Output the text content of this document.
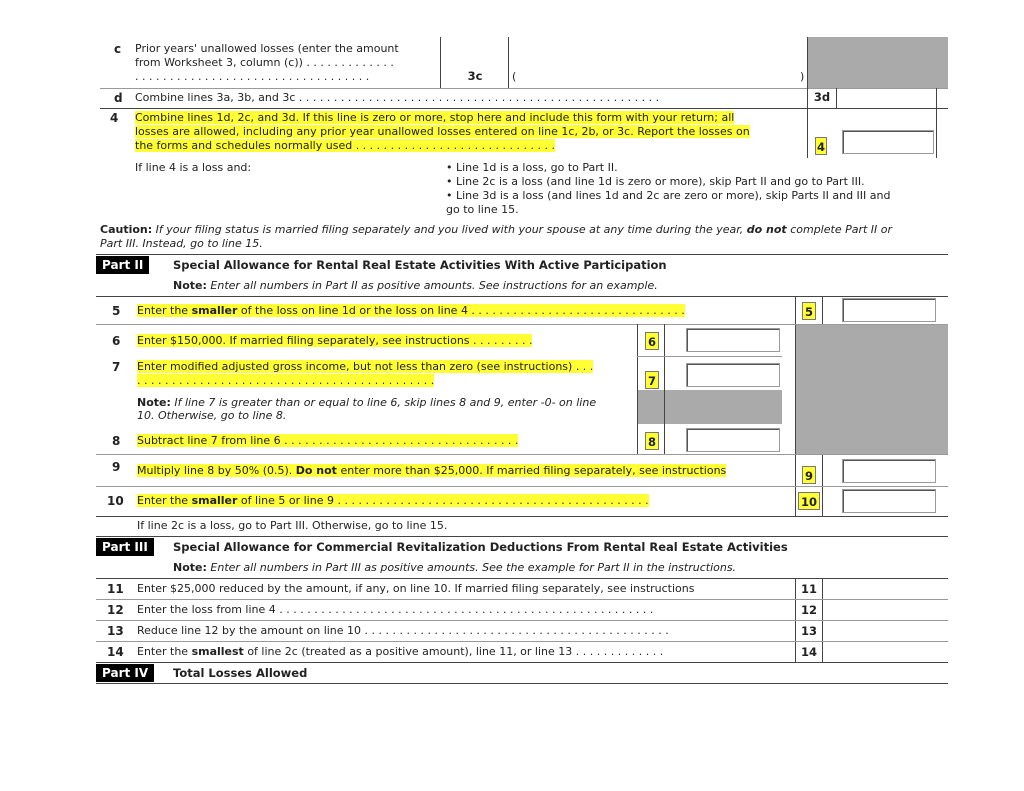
c Prior years' unallowed losses (enter the amount
from Worksheet 3, column (c)) . . . . . . . . . . . . .
. . . . . . . . . . . . . . . . . . . . . . . . . . . . . . . . . .	3c	(	)
d Combine lines 3a, 3b, and 3c . . . . . . . . . . . . . . . . . . . . . . . . . . . . . . . . . . . . . . . . . . . . . . . . . . . .	3d
4 Combine lines 1d, 2c, and 3d. If this line is zero or more, stop here and include this form with your return; all
losses are allowed, including any prior year unallowed losses entered on line 1c, 2b, or 3c. Report the losses on
the forms and schedules normally used . . . . . . . . . . . . . . . . . . . . . . . . . . . . .	4
If line 4 is a loss and:	• Line 1d is a loss, go to Part II.
• Line 2c is a loss (and line 1d is zero or more), skip Part II and go to Part III.
• Line 3d is a loss (and lines 1d and 2c are zero or more), skip Parts II and III and
go to line 15.
Caution: If your filing status is married filing separately and you lived with your spouse at any time during the year, do not complete Part II or
Part III. Instead, go to line 15.
Part II	Special Allowance for Rental Real Estate Activities With Active Participation
Note: Enter all numbers in Part II as positive amounts. See instructions for an example.
5 Enter the smaller of the loss on line 1d or the loss on line 4 . . . . . . . . . . . . . . . . . . . . . . . . . . . . . . .	5
6 Enter $150,000. If married filing separately, see instructions . . . . . . . . .	6
7 Enter modified adjusted gross income, but not less than zero (see instructions) . . .
. . . . . . . . . . . . . . . . . . . . . . . . . . . . . . . . . . . . . . . . . . .	7
Note: If line 7 is greater than or equal to line 6, skip lines 8 and 9, enter -0- on line
10. Otherwise, go to line 8.
8 Subtract line 7 from line 6 . . . . . . . . . . . . . . . . . . . . . . . . . . . . . . . . . .	8
9 Multiply line 8 by 50% (0.5). Do not enter more than $25,000. If married filing separately, see instructions	9
10 Enter the smaller of line 5 or line 9 . . . . . . . . . . . . . . . . . . . . . . . . . . . . . . . . . . . . . . . . . . . . .	10
If line 2c is a loss, go to Part III. Otherwise, go to line 15.
Part III	Special Allowance for Commercial Revitalization Deductions From Rental Real Estate Activities
Note: Enter all numbers in Part III as positive amounts. See the example for Part II in the instructions.
11 Enter $25,000 reduced by the amount, if any, on line 10. If married filing separately, see instructions	11
12 Enter the loss from line 4 . . . . . . . . . . . . . . . . . . . . . . . . . . . . . . . . . . . . . . . . . . . . . . . . . . . . . .	12
13 Reduce line 12 by the amount on line 10 . . . . . . . . . . . . . . . . . . . . . . . . . . . . . . . . . . . . . . . . . . . .	13
14 Enter the smallest of line 2c (treated as a positive amount), line 11, or line 13 . . . . . . . . . . . . .	14
Part IV	Total Losses Allowed
